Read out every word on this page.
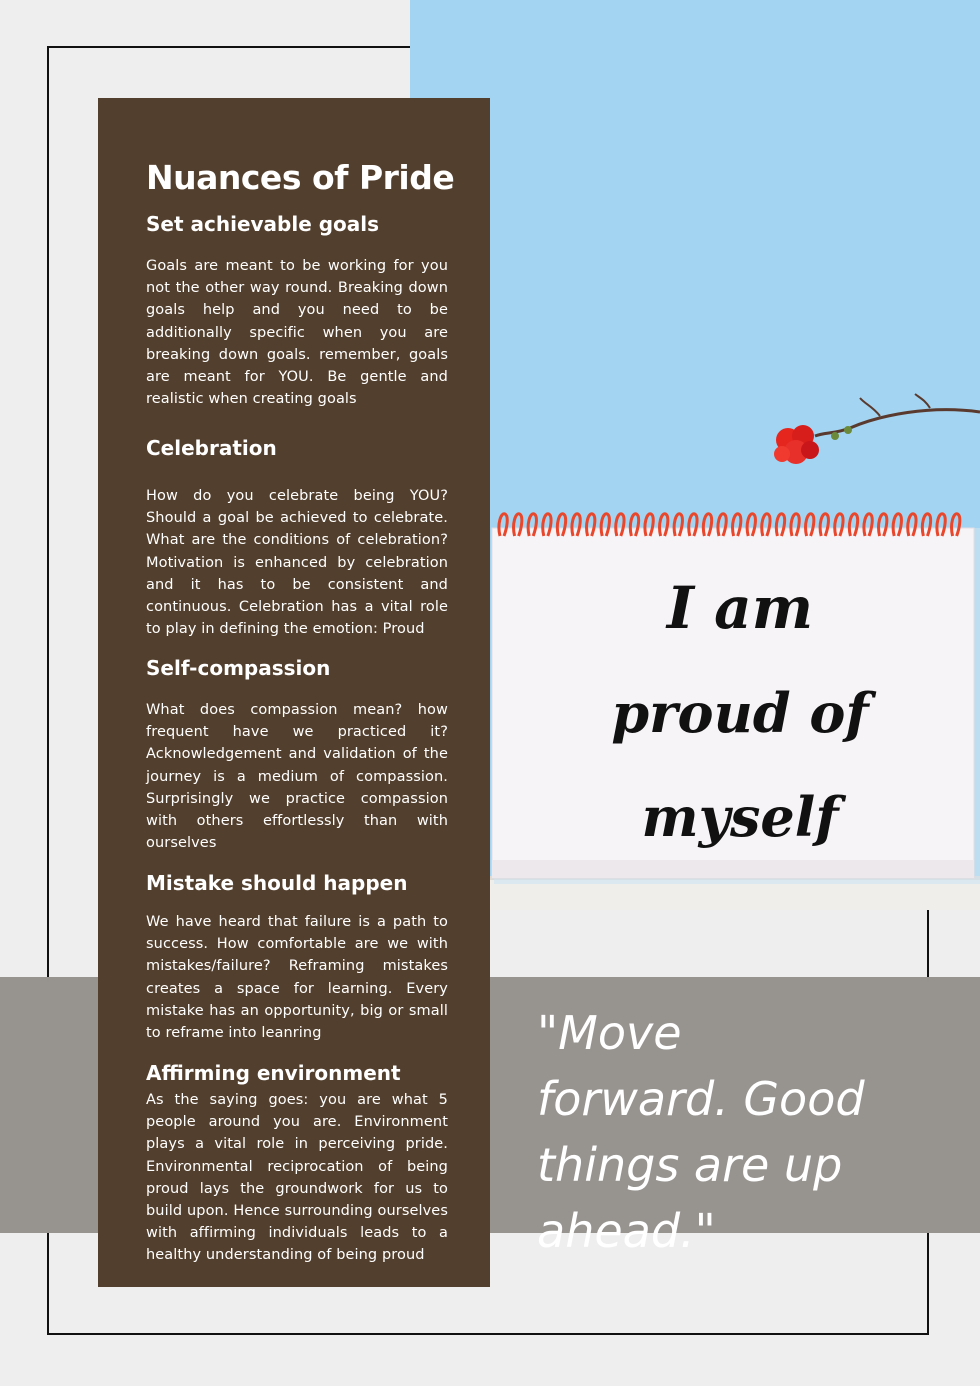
I am
proud of
myself

"Move forward. Good things are up ahead."

Nuances of Pride
Set achievable goals

Goals are meant to be working for you not the other way round. Breaking down goals help and you need to be additionally specific when you are breaking down goals. remember, goals are meant for YOU. Be gentle and realistic when creating goals

Celebration

How do you celebrate being YOU? Should a goal be achieved to celebrate. What are the conditions of celebration? Motivation is enhanced by celebration and it has to be consistent and continuous. Celebration has a vital role to play in defining the emotion: Proud

Self-compassion

What does compassion mean? how frequent have we practiced it? Acknowledgement and validation of the journey is a medium of compassion. Surprisingly we practice compassion with others effortlessly than with ourselves

Mistake should happen

We have heard that failure is a path to success. How comfortable are we with mistakes/failure? Reframing mistakes creates a space for learning. Every mistake has an opportunity, big or small to reframe into leanring

Affirming environment

As the saying goes: you are what 5 people around you are. Environment plays a vital role in perceiving pride. Environmental reciprocation of being proud lays the groundwork for us to build upon. Hence surrounding ourselves with affirming individuals leads to a healthy understanding of being proud
